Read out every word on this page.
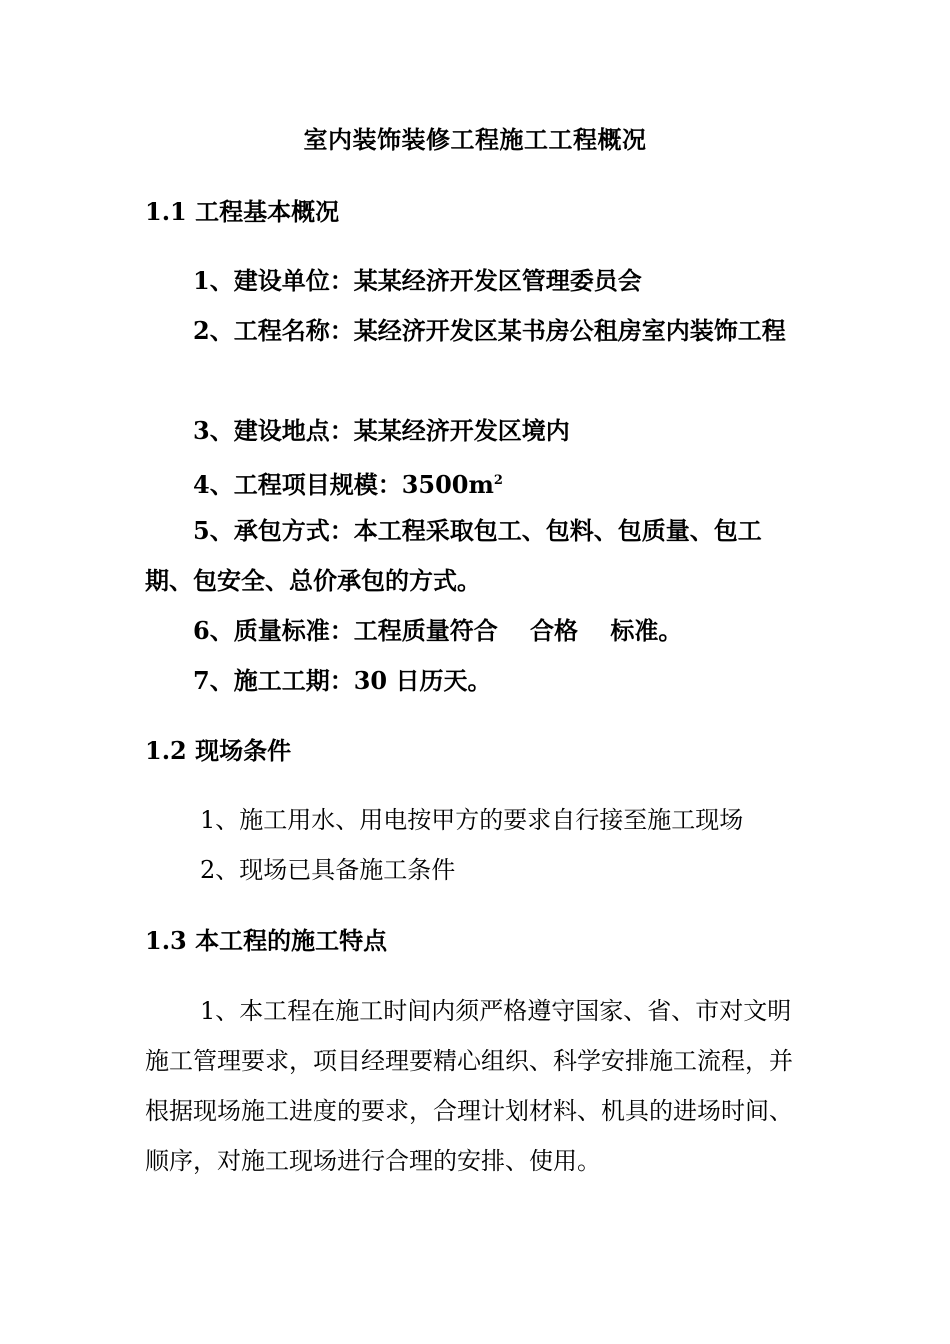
室内装饰装修工程施工工程概况
1.1 工程基本概况
1、建设单位：某某经济开发区管理委员会
2、工程名称：某经济开发区某书房公租房室内装饰工程
3、建设地点：某某经济开发区境内
4、工程项目规模：$3500m^2$
5、承包方式：本工程采取包工、包料、包质量、包工期、包安全、总价承包的方式。
6、质量标准：工程质量符合　 合格　 标准。
7、施工工期：30 日历天。
1.2 现场条件
1、施工用水、用电按甲方的要求自行接至施工现场
2、现场已具备施工条件
1.3 本工程的施工特点
1、本工程在施工时间内须严格遵守国家、省、市对文明施工管理要求，项目经理要精心组织、科学安排施工流程，并根据现场施工进度的要求，合理计划材料、机具的进场时间、顺序，对施工现场进行合理的安排、使用。
